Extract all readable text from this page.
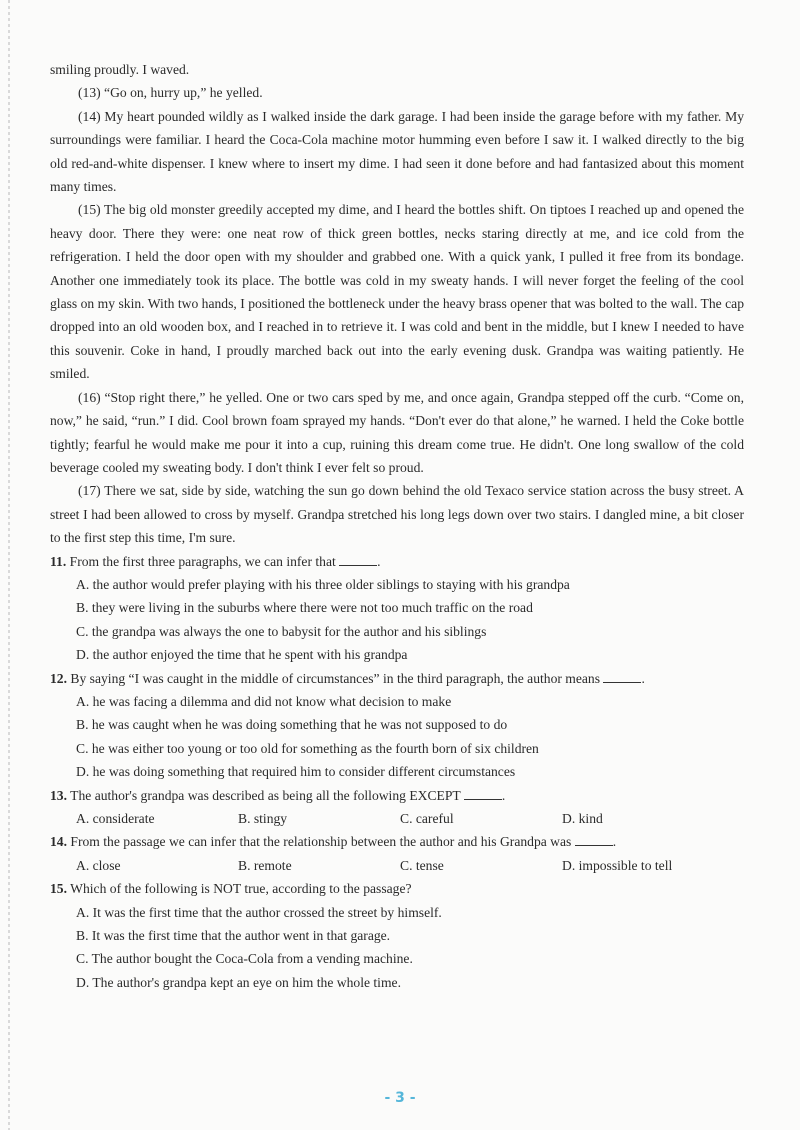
smiling proudly. I waved.

(13) “Go on, hurry up,” he yelled.

(14) My heart pounded wildly as I walked inside the dark garage. I had been inside the garage before with my father. My surroundings were familiar. I heard the Coca-Cola machine motor humming even before I saw it. I walked directly to the big old red-and-white dispenser. I knew where to insert my dime. I had seen it done before and had fantasized about this moment many times.

(15) The big old monster greedily accepted my dime, and I heard the bottles shift. On tiptoes I reached up and opened the heavy door. There they were: one neat row of thick green bottles, necks staring directly at me, and ice cold from the refrigeration. I held the door open with my shoulder and grabbed one. With a quick yank, I pulled it free from its bondage. Another one immediately took its place. The bottle was cold in my sweaty hands. I will never forget the feeling of the cool glass on my skin. With two hands, I positioned the bottleneck under the heavy brass opener that was bolted to the wall. The cap dropped into an old wooden box, and I reached in to retrieve it. I was cold and bent in the middle, but I knew I needed to have this souvenir. Coke in hand, I proudly marched back out into the early evening dusk. Grandpa was waiting patiently. He smiled.

(16) “Stop right there,” he yelled. One or two cars sped by me, and once again, Grandpa stepped off the curb. “Come on, now,” he said, “run.” I did. Cool brown foam sprayed my hands. “Don't ever do that alone,” he warned. I held the Coke bottle tightly; fearful he would make me pour it into a cup, ruining this dream come true. He didn't. One long swallow of the cold beverage cooled my sweating body. I don't think I ever felt so proud.

(17) There we sat, side by side, watching the sun go down behind the old Texaco service station across the busy street. A street I had been allowed to cross by myself. Grandpa stretched his long legs down over two stairs. I dangled mine, a bit closer to the first step this time, I'm sure.

11. From the first three paragraphs, we can infer that	.

A. the author would prefer playing with his three older siblings to staying with his grandpa

B. they were living in the suburbs where there were not too much traffic on the road

C. the grandpa was always the one to babysit for the author and his siblings

D. the author enjoyed the time that he spent with his grandpa

12. By saying “I was caught in the middle of circumstances” in the third paragraph, the author means	.

A. he was facing a dilemma and did not know what decision to make

B. he was caught when he was doing something that he was not supposed to do

C. he was either too young or too old for something as the fourth born of six children

D. he was doing something that required him to consider different circumstances

13. The author's grandpa was described as being all the following EXCEPT	.

A. considerate	B. stingy	C. careful	D. kind

14. From the passage we can infer that the relationship between the author and his Grandpa was	.

A. close	B. remote	C. tense	D. impossible to tell

15. Which of the following is NOT true, according to the passage?

A. It was the first time that the author crossed the street by himself.

B. It was the first time that the author went in that garage.

C. The author bought the Coca-Cola from a vending machine.

D. The author's grandpa kept an eye on him the whole time.

- 3 -
